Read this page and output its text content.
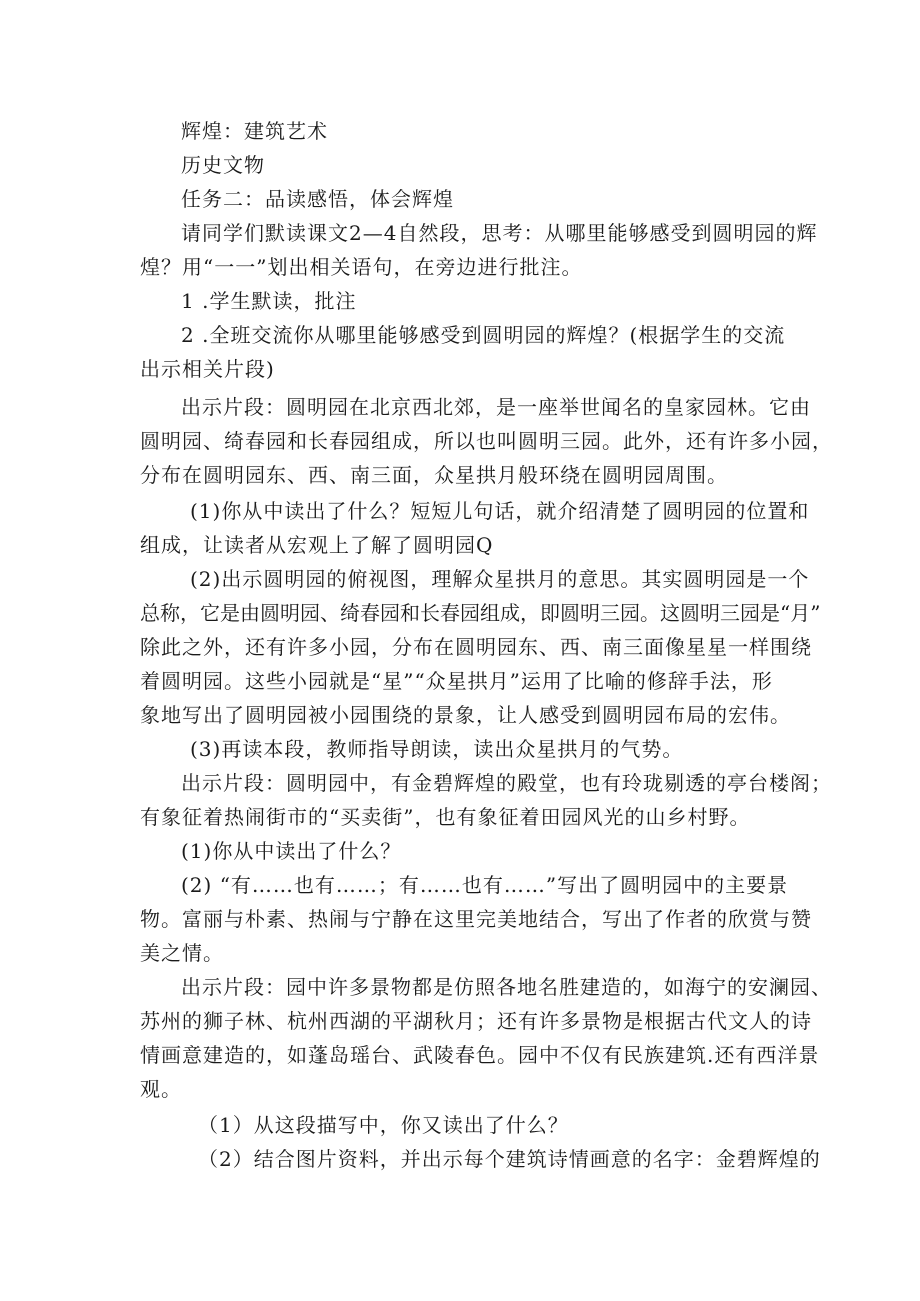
辉煌：建筑艺术
历史文物
任务二：品读感悟，体会辉煌
请同学们默读课文2—4自然段，思考：从哪里能够感受到圆明园的辉
煌？用“一一”划出相关语句，在旁边进行批注。
1 .学生默读，批注
2 .全班交流你从哪里能够感受到圆明园的辉煌？(根据学生的交流
出示相关片段)
出示片段：圆明园在北京西北郊，是一座举世闻名的皇家园林。它由
圆明园、绮春园和长春园组成，所以也叫圆明三园。此外，还有许多小园，
分布在圆明园东、西、南三面，众星拱月般环绕在圆明园周围。
(1)你从中读出了什么？短短儿句话，就介绍清楚了圆明园的位置和
组成，让读者从宏观上了解了圆明园Q
(2)出示圆明园的俯视图，理解众星拱月的意思。其实圆明园是一个
总称，它是由圆明园、绮春园和长春园组成，即圆明三园。这圆明三园是“月”
除此之外，还有许多小园，分布在圆明园东、西、南三面像星星一样围绕
着圆明园。这些小园就是“星”“众星拱月”运用了比喻的修辞手法，形
象地写出了圆明园被小园围绕的景象，让人感受到圆明园布局的宏伟。
(3)再读本段，教师指导朗读，读出众星拱月的气势。
出示片段：圆明园中，有金碧辉煌的殿堂，也有玲珑剔透的亭台楼阁；
有象征着热闹街市的“买卖街”，也有象征着田园风光的山乡村野。
(1)你从中读出了什么？
(2) “有……也有……；有……也有……”写出了圆明园中的主要景
物。富丽与朴素、热闹与宁静在这里完美地结合，写出了作者的欣赏与赞
美之情。
出示片段：园中许多景物都是仿照各地名胜建造的，如海宁的安澜园、
苏州的狮子林、杭州西湖的平湖秋月；还有许多景物是根据古代文人的诗
情画意建造的，如蓬岛瑶台、武陵春色。园中不仅有民族建筑.还有西洋景
观。
（1）从这段描写中，你又读出了什么？
（2）结合图片资料，并出示每个建筑诗情画意的名字：金碧辉煌的
